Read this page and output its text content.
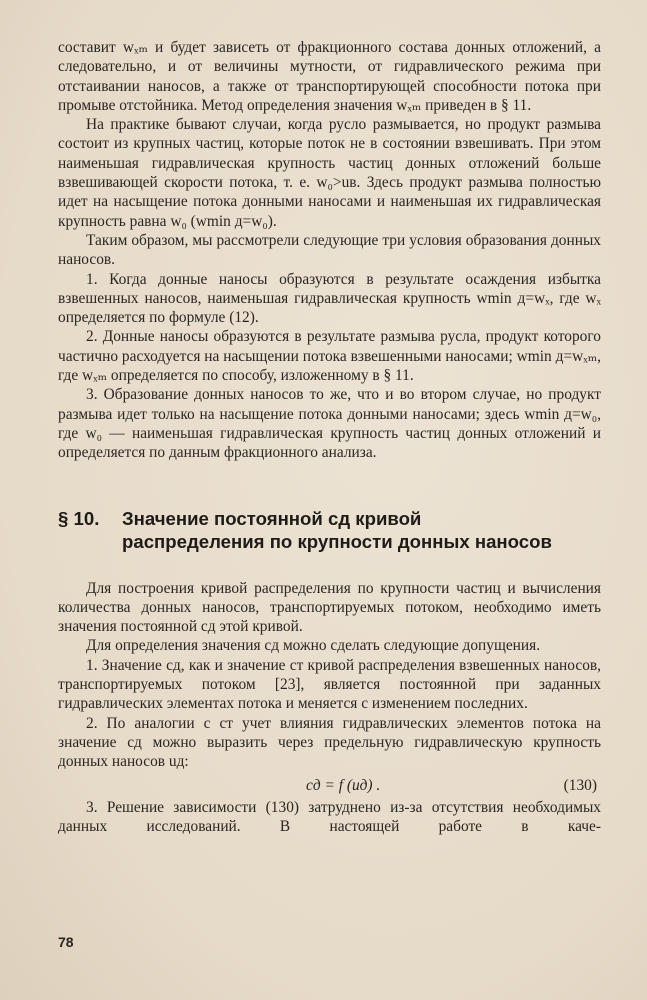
составит wₓₘ и будет зависеть от фракционного состава донных отложений, а следовательно, и от величины мутности, от гидравлического режима при отстаивании наносов, а также от транспортирующей способности потока при промыве отстойника. Метод определения значения wₓₘ приведен в § 11.

На практике бывают случаи, когда русло размывается, но продукт размыва состоит из крупных частиц, которые поток не в состоянии взвешивать. При этом наименьшая гидравлическая крупность частиц донных отложений больше взвешивающей скорости потока, т. е. w₀>uв. Здесь продукт размыва полностью идет на насыщение потока донными наносами и наименьшая их гидравлическая крупность равна w₀ (wmin д=w₀).

Таким образом, мы рассмотрели следующие три условия образования донных наносов.

1. Когда донные наносы образуются в результате осаждения избытка взвешенных наносов, наименьшая гидравлическая крупность wmin д=wₓ, где wₓ определяется по формуле (12).

2. Донные наносы образуются в результате размыва русла, продукт которого частично расходуется на насыщении потока взвешенными наносами; wmin д=wₓₘ, где wₓₘ определяется по способу, изложенному в § 11.

3. Образование донных наносов то же, что и во втором случае, но продукт размыва идет только на насыщение потока донными наносами; здесь wmin д=w₀, где w₀ — наименьшая гидравлическая крупность частиц донных отложений и определяется по данным фракционного анализа.

§ 10.	Значение постоянной cд кривой
распределения по крупности донных наносов

Для построения кривой распределения по крупности частиц и вычисления количества донных наносов, транспортируемых потоком, необходимо иметь значения постоянной cд этой кривой.

Для определения значения cд можно сделать следующие допущения.

1. Значение cд, как и значение cт кривой распределения взвешенных наносов, транспортируемых потоком [23], является постоянной при заданных гидравлических элементах потока и меняется с изменением последних.

2. По аналогии с cт учет влияния гидравлических элементов потока на значение cд можно выразить через предельную гидравлическую крупность донных наносов uд:

cд = f (uд) .	(130)

3. Решение зависимости (130) затруднено из-за отсутствия необходимых данных исследований. В настоящей работе в каче-

78
